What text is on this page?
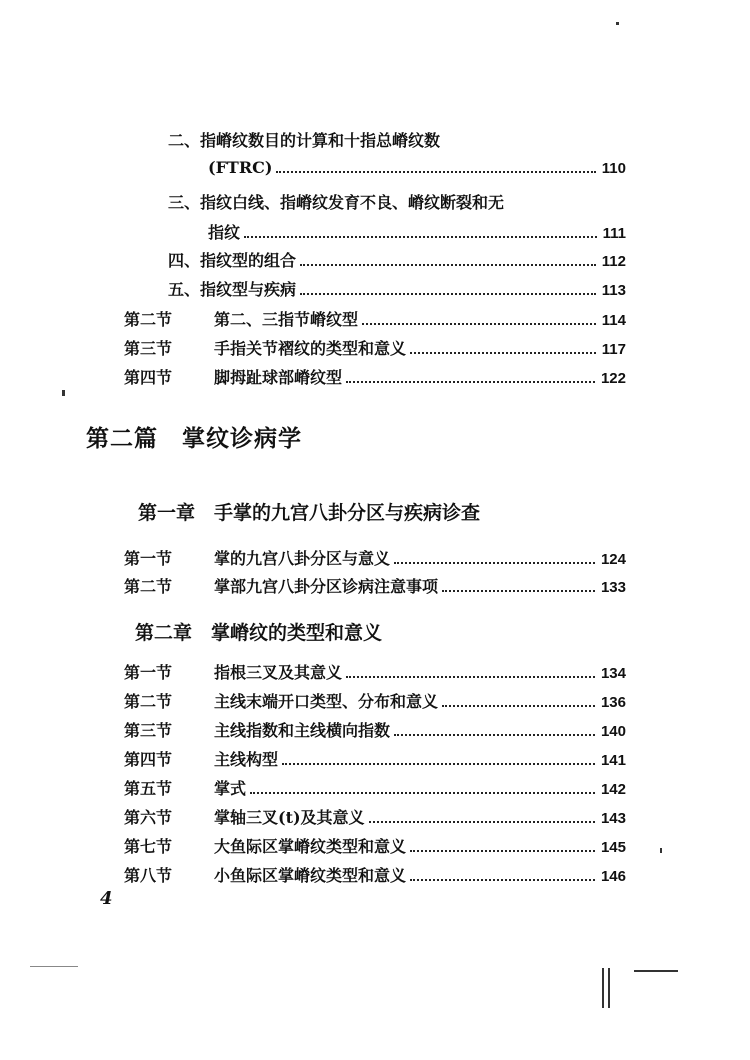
二、指嵴纹数目的计算和十指总嵴纹数
(FTRC)	110
三、指纹白线、指嵴纹发育不良、嵴纹断裂和无
指纹	111
四、指纹型的组合	112
五、指纹型与疾病	113
第二节	第二、三指节嵴纹型	114
第三节	手指关节褶纹的类型和意义	117
第四节	脚拇趾球部嵴纹型	122
第二篇　掌纹诊病学
第一章　手掌的九宫八卦分区与疾病诊查
第一节	掌的九宫八卦分区与意义	124
第二节	掌部九宫八卦分区诊病注意事项	133
第二章　掌嵴纹的类型和意义
第一节	指根三叉及其意义	134
第二节	主线末端开口类型、分布和意义	136
第三节	主线指数和主线横向指数	140
第四节	主线构型	141
第五节	掌式	142
第六节	掌轴三叉(t)及其意义	143
第七节	大鱼际区掌嵴纹类型和意义	145
第八节	小鱼际区掌嵴纹类型和意义	146
4
